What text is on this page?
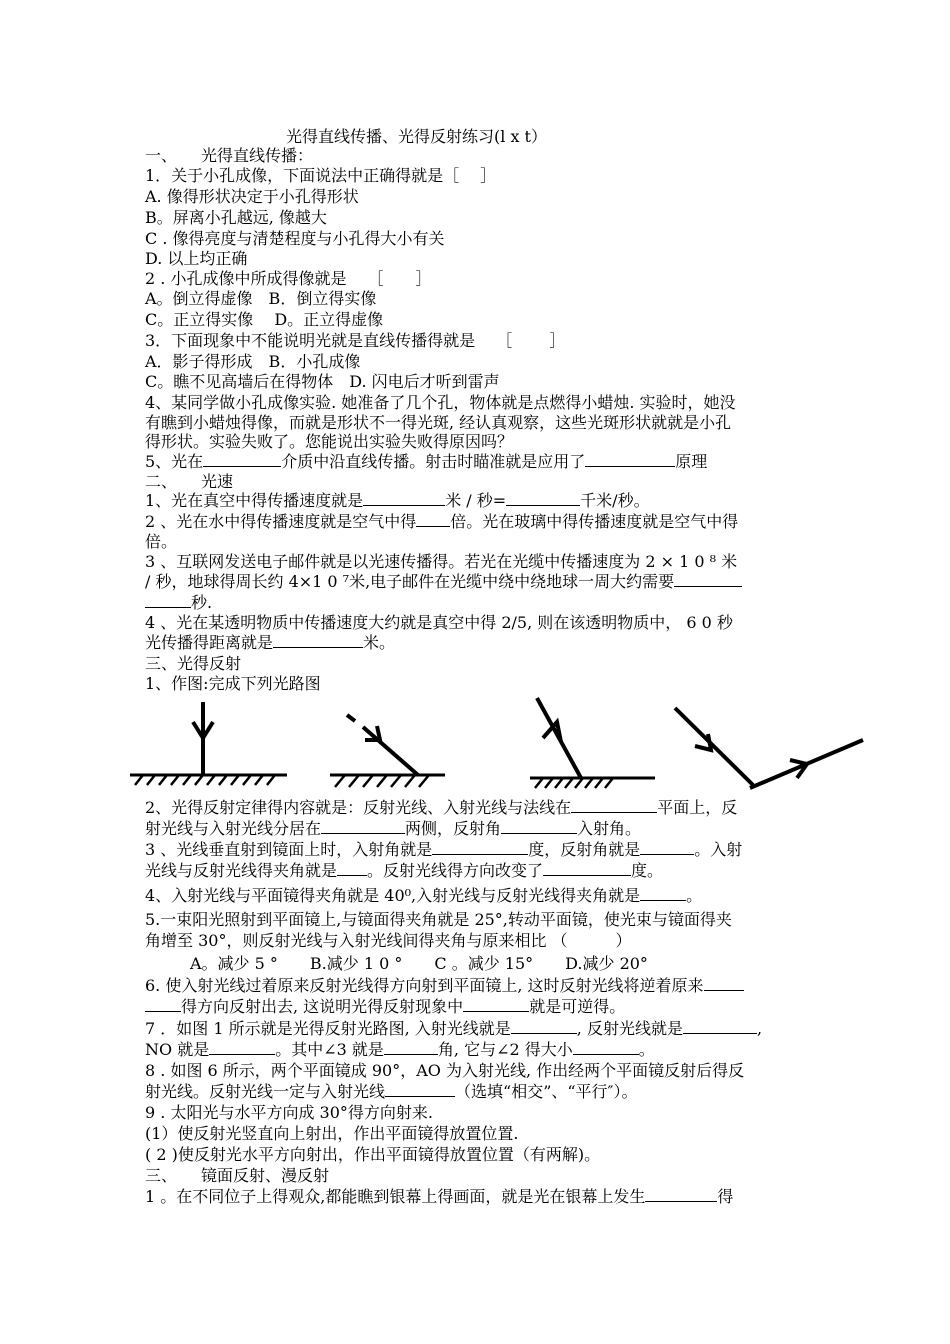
光得直线传播、光得反射练习(l x t）
一、　　光得直线传播：
1．关于小孔成像，下面说法中正确得就是［　 ］
A. 像得形状决定于小孔得形状
B。屏离小孔越远, 像越大
C . 像得亮度与清楚程度与小孔得大小有关
D. 以上均正确
2 . 小孔成像中所成得像就是　 ［　　］
A。倒立得虚像　B．倒立得实像
C。正立得实像　 D。正立得虚像
3．下面现象中不能说明光就是直线传播得就是　 ［　　 ］
A．影子得形成　B．小孔成像
C。瞧不见高墙后在得物体　D. 闪电后才听到雷声
4、某同学做小孔成像实验. 她准备了几个孔，物体就是点燃得小蜡烛. 实验时，她没
有瞧到小蜡烛得像，而就是形状不一得光斑, 经认真观察，这些光斑形状就就是小孔
得形状。实验失败了。您能说出实验失败得原因吗？
5、光在	介质中沿直线传播。射击时瞄准就是应用了	原理
二、　　光速
1、光在真空中得传播速度就是	米 / 秒=	千米/秒。
2 、光在水中得传播速度就是空气中得 倍。光在玻璃中得传播速度就是空气中得
倍。
3 、互联网发送电子邮件就是以光速传播得。若光在光缆中传播速度为 2 × 1 0 ⁸ 米
/ 秒，地球得周长约 4×1 0 ⁷米,电子邮件在光缆中绕中绕地球一周大约需要
秒.
4 、光在某透明物质中传播速度大约就是真空中得 2/5, 则在该透明物质中， 6 0 秒
光传播得距离就是	米。
三、光得反射
1、作图:完成下列光路图
2、光得反射定律得内容就是：反射光线、入射光线与法线在	平面上，反
射光线与入射光线分居在	两侧，反射角	入射角。
3 、光线垂直射到镜面上时，入射角就是	度，反射角就是	。入射
光线与反射光线得夹角就是 。反射光线得方向改变了	度。
4、入射光线与平面镜得夹角就是 40⁰,入射光线与反射光线得夹角就是	。
5.一束阳光照射到平面镜上,与镜面得夹角就是 25°,转动平面镜，使光束与镜面得夹
角增至 30°，则反射光线与入射光线间得夹角与原来相比 （　　　）
A。减少 5 °　　B.减少 1 0 °　　C 。减少 15°　　D.减少 20°
6. 使入射光线过着原来反射光线得方向射到平面镜上, 这时反射光线将逆着原来
得方向反射出去, 这说明光得反射现象中	就是可逆得。
7 ．如图 1 所示就是光得反射光路图, 入射光线就是	, 反射光线就是	,
NO 就是	。其中∠3 就是	角, 它与∠2 得大小	。
8 . 如图 6 所示，两个平面镜成 90°，AO 为入射光线, 作出经两个平面镜反射后得反
射光线。反射光线一定与入射光线	（选填“相交”、“平行″）。
9 . 太阳光与水平方向成 30°得方向射来.
(1）使反射光竖直向上射出，作出平面镜得放置位置.
( 2 )使反射光水平方向射出，作出平面镜得放置位置（有两解)。
三、　　镜面反射、漫反射
1 。在不同位子上得观众,都能瞧到银幕上得画面，就是光在银幕上发生	得
